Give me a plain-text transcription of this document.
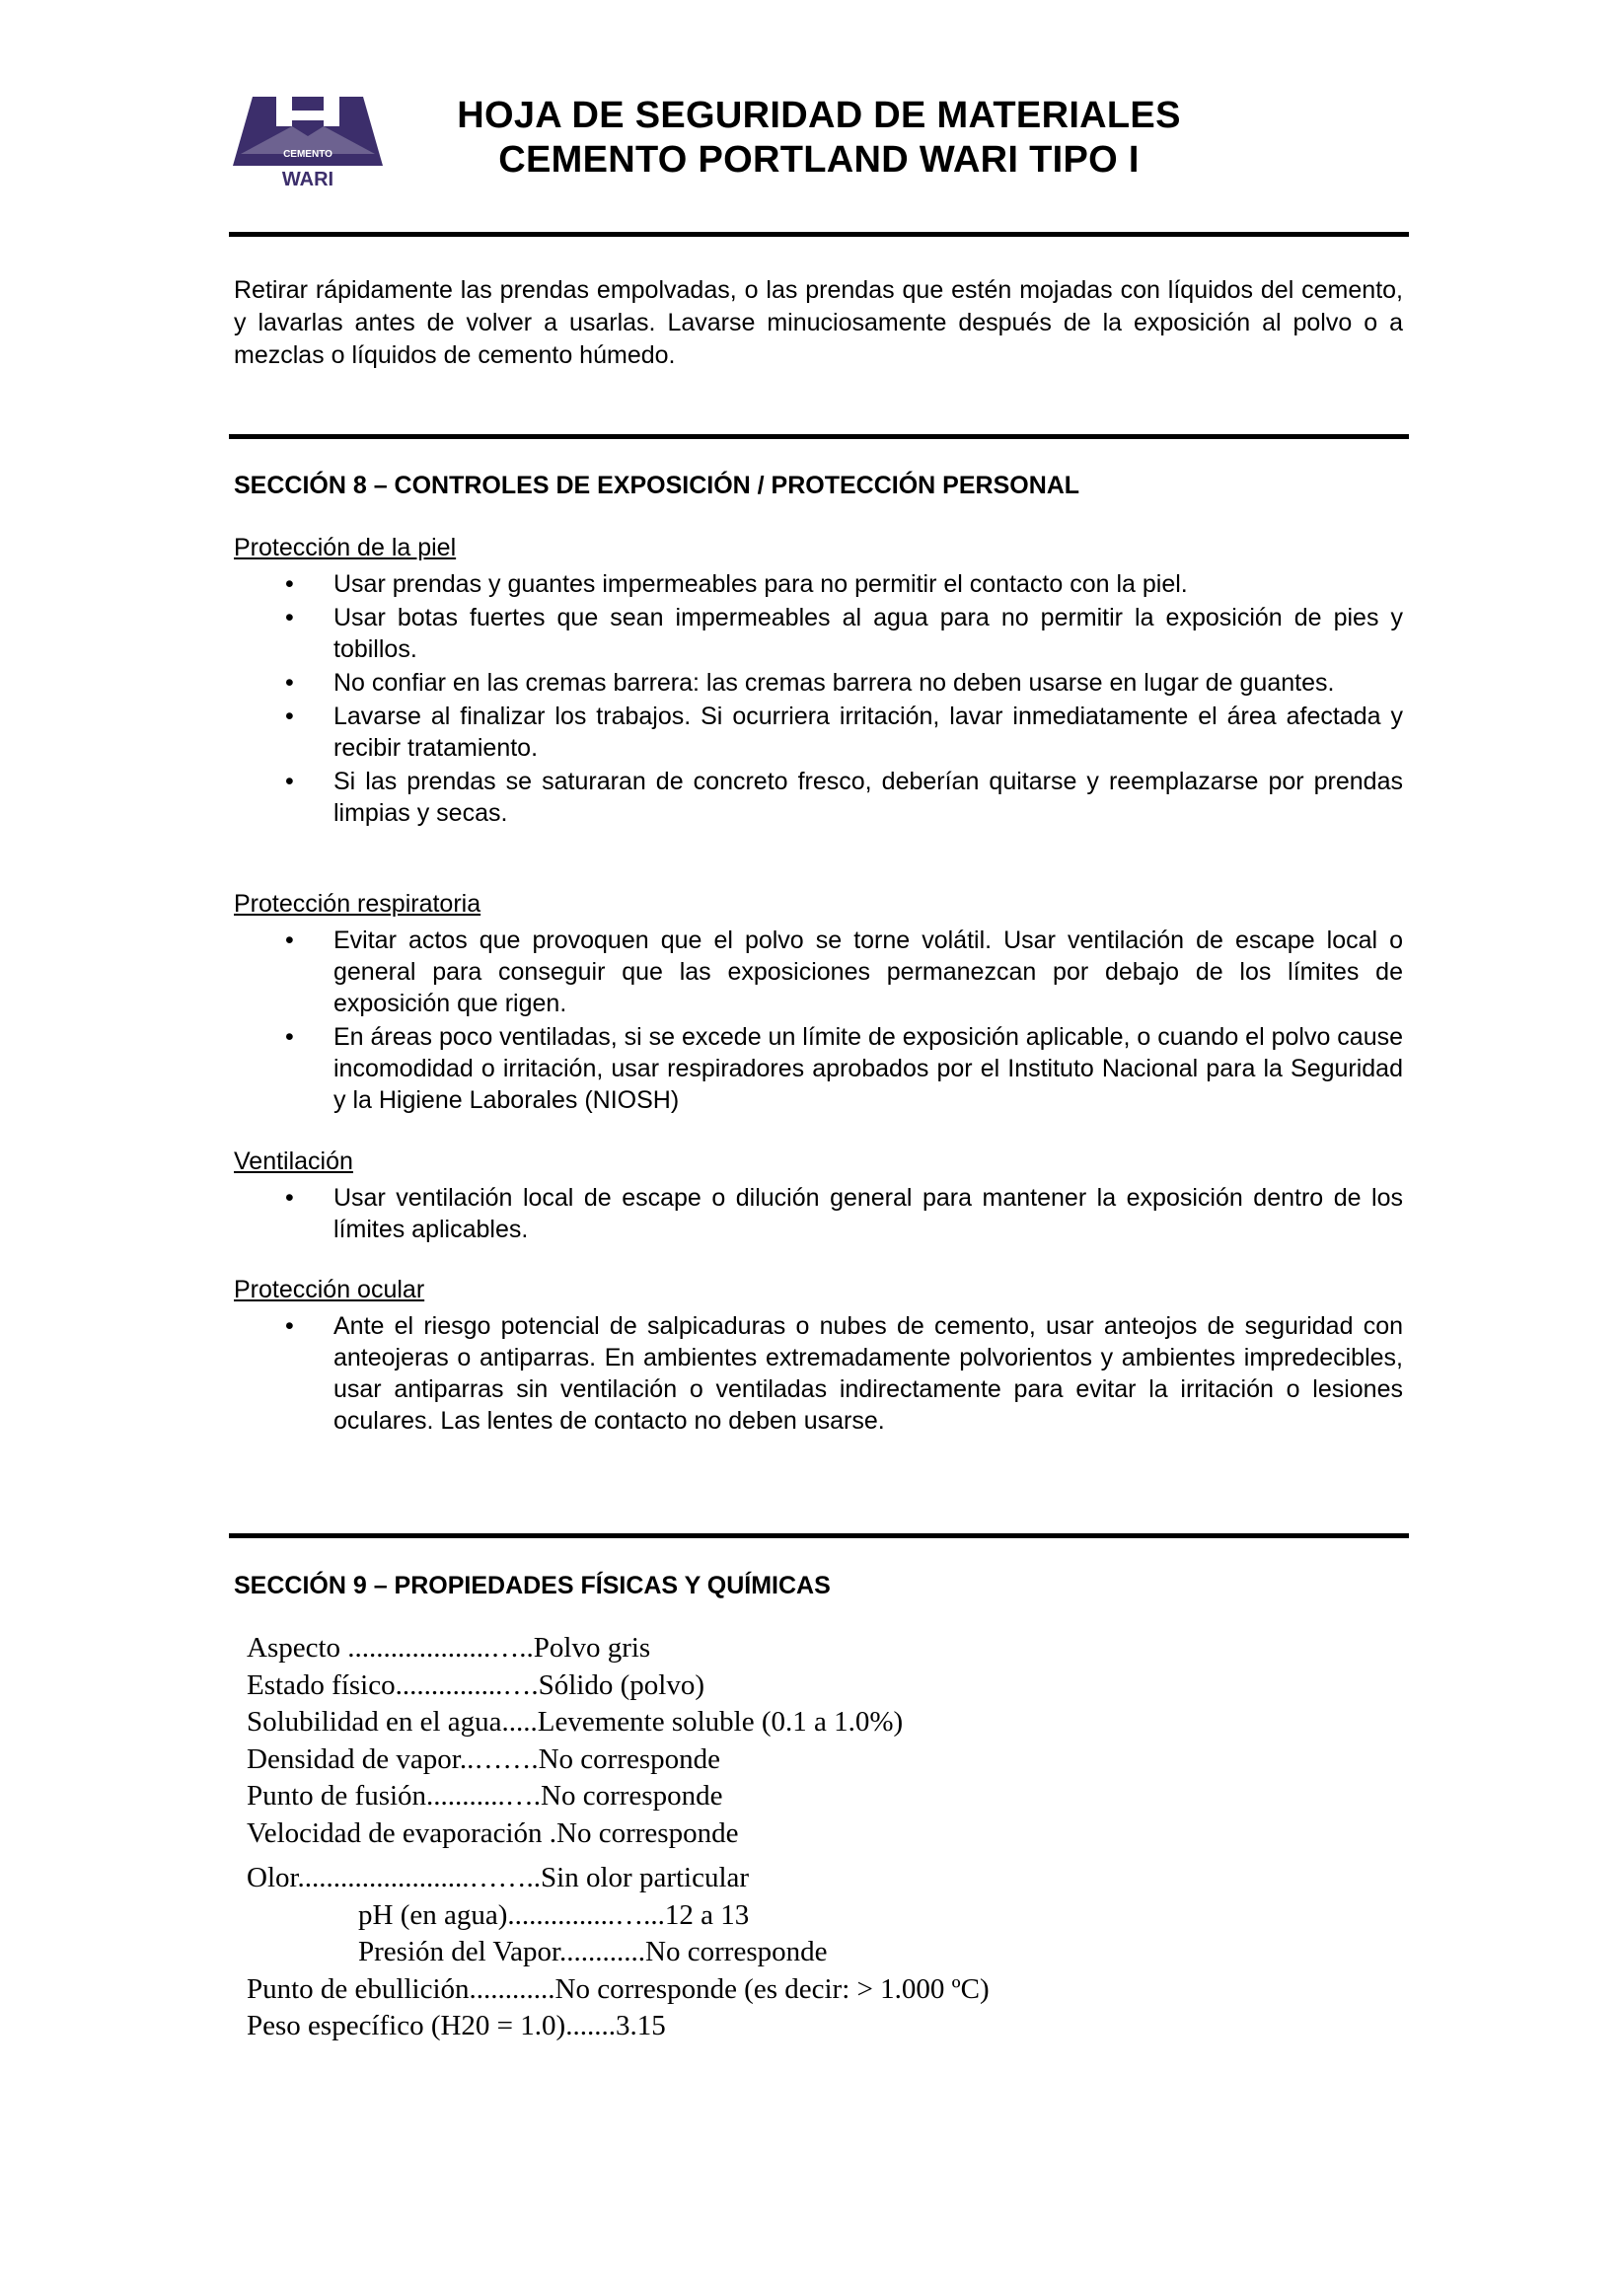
CEMENTO
WARI
HOJA DE SEGURIDAD DE MATERIALES
CEMENTO PORTLAND WARI TIPO I
Retirar rápidamente las prendas empolvadas, o las prendas que estén mojadas con líquidos del cemento, y lavarlas antes de volver a usarlas. Lavarse minuciosamente después de la exposición al polvo o a mezclas o líquidos de cemento húmedo.
SECCIÓN 8 – CONTROLES DE EXPOSICIÓN / PROTECCIÓN PERSONAL
Protección de la piel
• Usar prendas y guantes impermeables para no permitir el contacto con la piel.
• Usar botas fuertes que sean impermeables al agua para no permitir la exposición de pies y tobillos.
• No confiar en las cremas barrera: las cremas barrera no deben usarse en lugar de guantes.
• Lavarse al finalizar los trabajos. Si ocurriera irritación, lavar inmediatamente el área afectada y recibir tratamiento.
• Si las prendas se saturaran de concreto fresco, deberían quitarse y reemplazarse por prendas limpias y secas.
Protección respiratoria
• Evitar actos que provoquen que el polvo se torne volátil. Usar ventilación de escape local o general para conseguir que las exposiciones permanezcan por debajo de los límites de exposición que rigen.
• En áreas poco ventiladas, si se excede un límite de exposición aplicable, o cuando el polvo cause incomodidad o irritación, usar respiradores aprobados por el Instituto Nacional para la Seguridad y la Higiene Laborales (NIOSH)
Ventilación
• Usar ventilación local de escape o dilución general para mantener la exposición dentro de los límites aplicables.
Protección ocular
• Ante el riesgo potencial de salpicaduras o nubes de cemento, usar anteojos de seguridad con anteojeras o antiparras. En ambientes extremadamente polvorientos y ambientes impredecibles, usar antiparras sin ventilación o ventiladas indirectamente para evitar la irritación o lesiones oculares. Las lentes de contacto no deben usarse.
SECCIÓN 9 – PROPIEDADES FÍSICAS Y QUÍMICAS
Aspecto ....................…..Polvo gris
Estado físico...............….Sólido (polvo)
Solubilidad en el agua.....Levemente soluble (0.1 a 1.0%)
Densidad de vapor..…….No corresponde
Punto de fusión...........….No corresponde
Velocidad de evaporación .No corresponde
Olor........................……..Sin olor particular
pH (en agua)...............…...12 a 13
Presión del Vapor............No corresponde
Punto de ebullición............No corresponde (es decir: > 1.000 ºC)
Peso específico (H20 = 1.0).......3.15
